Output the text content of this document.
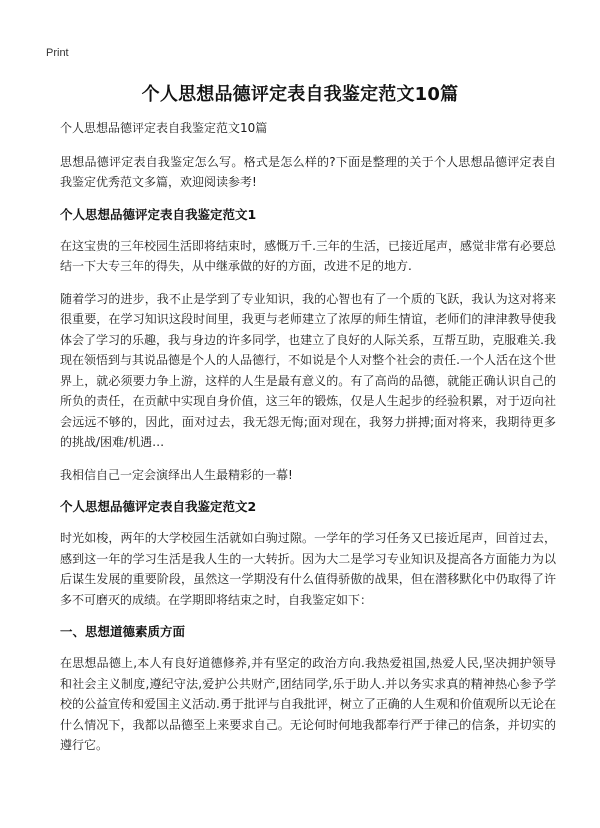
Print

个人思想品德评定表自我鉴定范文10篇

个人思想品德评定表自我鉴定范文10篇

思想品德评定表自我鉴定怎么写。格式是怎么样的?下面是整理的关于个人思想品德评定表自我鉴定优秀范文多篇，欢迎阅读参考!

个人思想品德评定表自我鉴定范文1

在这宝贵的三年校园生活即将结束时，感慨万千.三年的生活，已接近尾声，感觉非常有必要总结一下大专三年的得失，从中继承做的好的方面，改进不足的地方.

随着学习的进步，我不止是学到了专业知识，我的心智也有了一个质的飞跃，我认为这对将来很重要，在学习知识这段时间里，我更与老师建立了浓厚的师生情谊，老师们的津津教导使我体会了学习的乐趣，我与身边的许多同学，也建立了良好的人际关系，互帮互助，克服难关.我现在领悟到与其说品德是个人的人品德行，不如说是个人对整个社会的责任.一个人活在这个世界上，就必须要力争上游，这样的人生是最有意义的。有了高尚的品德，就能正确认识自己的所负的责任，在贡献中实现自身价值，这三年的锻炼，仅是人生起步的经验积累，对于迈向社会远远不够的，因此，面对过去，我无怨无悔;面对现在，我努力拼搏;面对将来，我期待更多的挑战/困难/机遇…

我相信自己一定会演绎出人生最精彩的一幕!

个人思想品德评定表自我鉴定范文2

时光如梭，两年的大学校园生活就如白驹过隙。一学年的学习任务又已接近尾声，回首过去，感到这一年的学习生活是我人生的一大转折。因为大二是学习专业知识及提高各方面能力为以后谋生发展的重要阶段，虽然这一学期没有什么值得骄傲的战果，但在潜移默化中仍取得了许多不可磨灭的成绩。在学期即将结束之时，自我鉴定如下：

一、思想道德素质方面

在思想品德上,本人有良好道德修养,并有坚定的政治方向.我热爱祖国,热爱人民,坚决拥护领导和社会主义制度,遵纪守法,爱护公共财产,团结同学,乐于助人.并以务实求真的精神热心参予学校的公益宣传和爱国主义活动.勇于批评与自我批评，树立了正确的人生观和价值观所以无论在什么情况下，我都以品德至上来要求自己。无论何时何地我都奉行严于律己的信条，并切实的遵行它。
